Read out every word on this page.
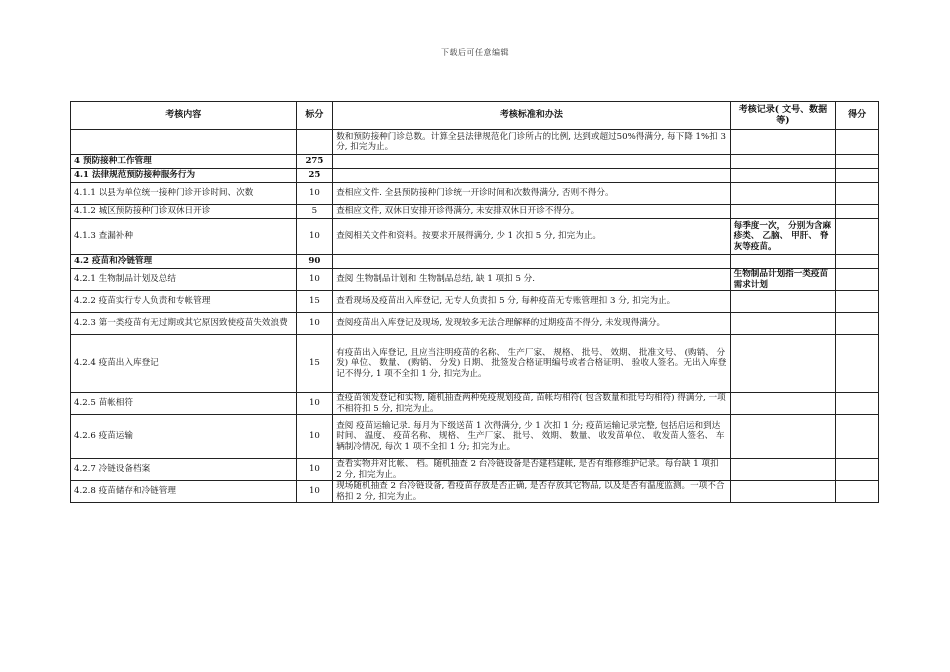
下载后可任意编辑
考核内容	标分	考核标准和办法	考核记录( 文号、数据等)	得分
		数和预防接种门诊总数。计算全县法律规范化门诊所占的比例, 达到或超过50%得满分, 每下降 1%扣 3 分, 扣完为止。		
4 预防接种工作管理	275			
4.1 法律规范预防接种服务行为	25			
4.1.1 以县为单位统一接种门诊开诊时间、次数	10	查相应文件. 全县预防接种门诊统一开诊时间和次数得满分, 否则不得分。		
4.1.2 城区预防接种门诊双休日开诊	5	查相应文件, 双休日安排开诊得满分, 未安排双休日开诊不得分。		
4.1.3 查漏补种	10	查阅相关文件和资料。按要求开展得满分, 少 1 次扣 5 分, 扣完为止。	每季度一次， 分别为含麻疹类、 乙脑、 甲肝、 脊灰等疫苗。	
4.2 疫苗和冷链管理	90			
4.2.1 生物制品计划及总结	10	查阅 生物制品计划和 生物制品总结, 缺 1 项扣 5 分.	生物制品计划指一类疫苗需求计划	
4.2.2 疫苗实行专人负责和专帐管理	15	查看现场及疫苗出入库登记, 无专人负责扣 5 分, 每种疫苗无专账管理扣 3 分, 扣完为止。		
4.2.3 第一类疫苗有无过期或其它原因致使疫苗失效浪费	10	查阅疫苗出入库登记及现场, 发现较多无法合理解释的过期疫苗不得分, 未发现得满分。		
4.2.4 疫苗出入库登记	15	有疫苗出入库登记, 且应当注明疫苗的名称、 生产厂家、 规格、 批号、 效期、 批准文号、 (购销、 分发) 单位、 数量、 (购销、 分发) 日期、 批签发合格证明编号或者合格证明、 验收人签名。无出入库登记不得分, 1 项不全扣 1 分, 扣完为止。		
4.2.5 苗帐相符	10	查疫苗领发登记和实物, 随机抽查两种免疫规划疫苗, 苗帐均相符( 包含数量和批号均相符) 得满分, 一项不相符扣 5 分, 扣完为止。		
4.2.6 疫苗运输	10	查阅 疫苗运输记录. 每月为下级送苗 1 次得满分, 少 1 次扣 1 分; 疫苗运输记录完整, 包括启运和到达时间、 温度、 疫苗名称、 规格、 生产厂家、 批号、 效期、 数量、 收发苗单位、 收发苗人签名、 车辆制冷情况, 每次 1 项不全扣 1 分; 扣完为止。		
4.2.7 冷链设备档案	10	查看实物并对比帐、 档。随机抽查 2 台冷链设备是否建档建帐, 是否有维修维护记录。每台缺 1 项扣 2 分, 扣完为止。		
4.2.8 疫苗储存和冷链管理	10	现场随机抽查 2 台冷链设备, 看疫苗存放是否正确, 是否存放其它物品, 以及是否有温度监测。一项不合格扣 2 分, 扣完为止。		
